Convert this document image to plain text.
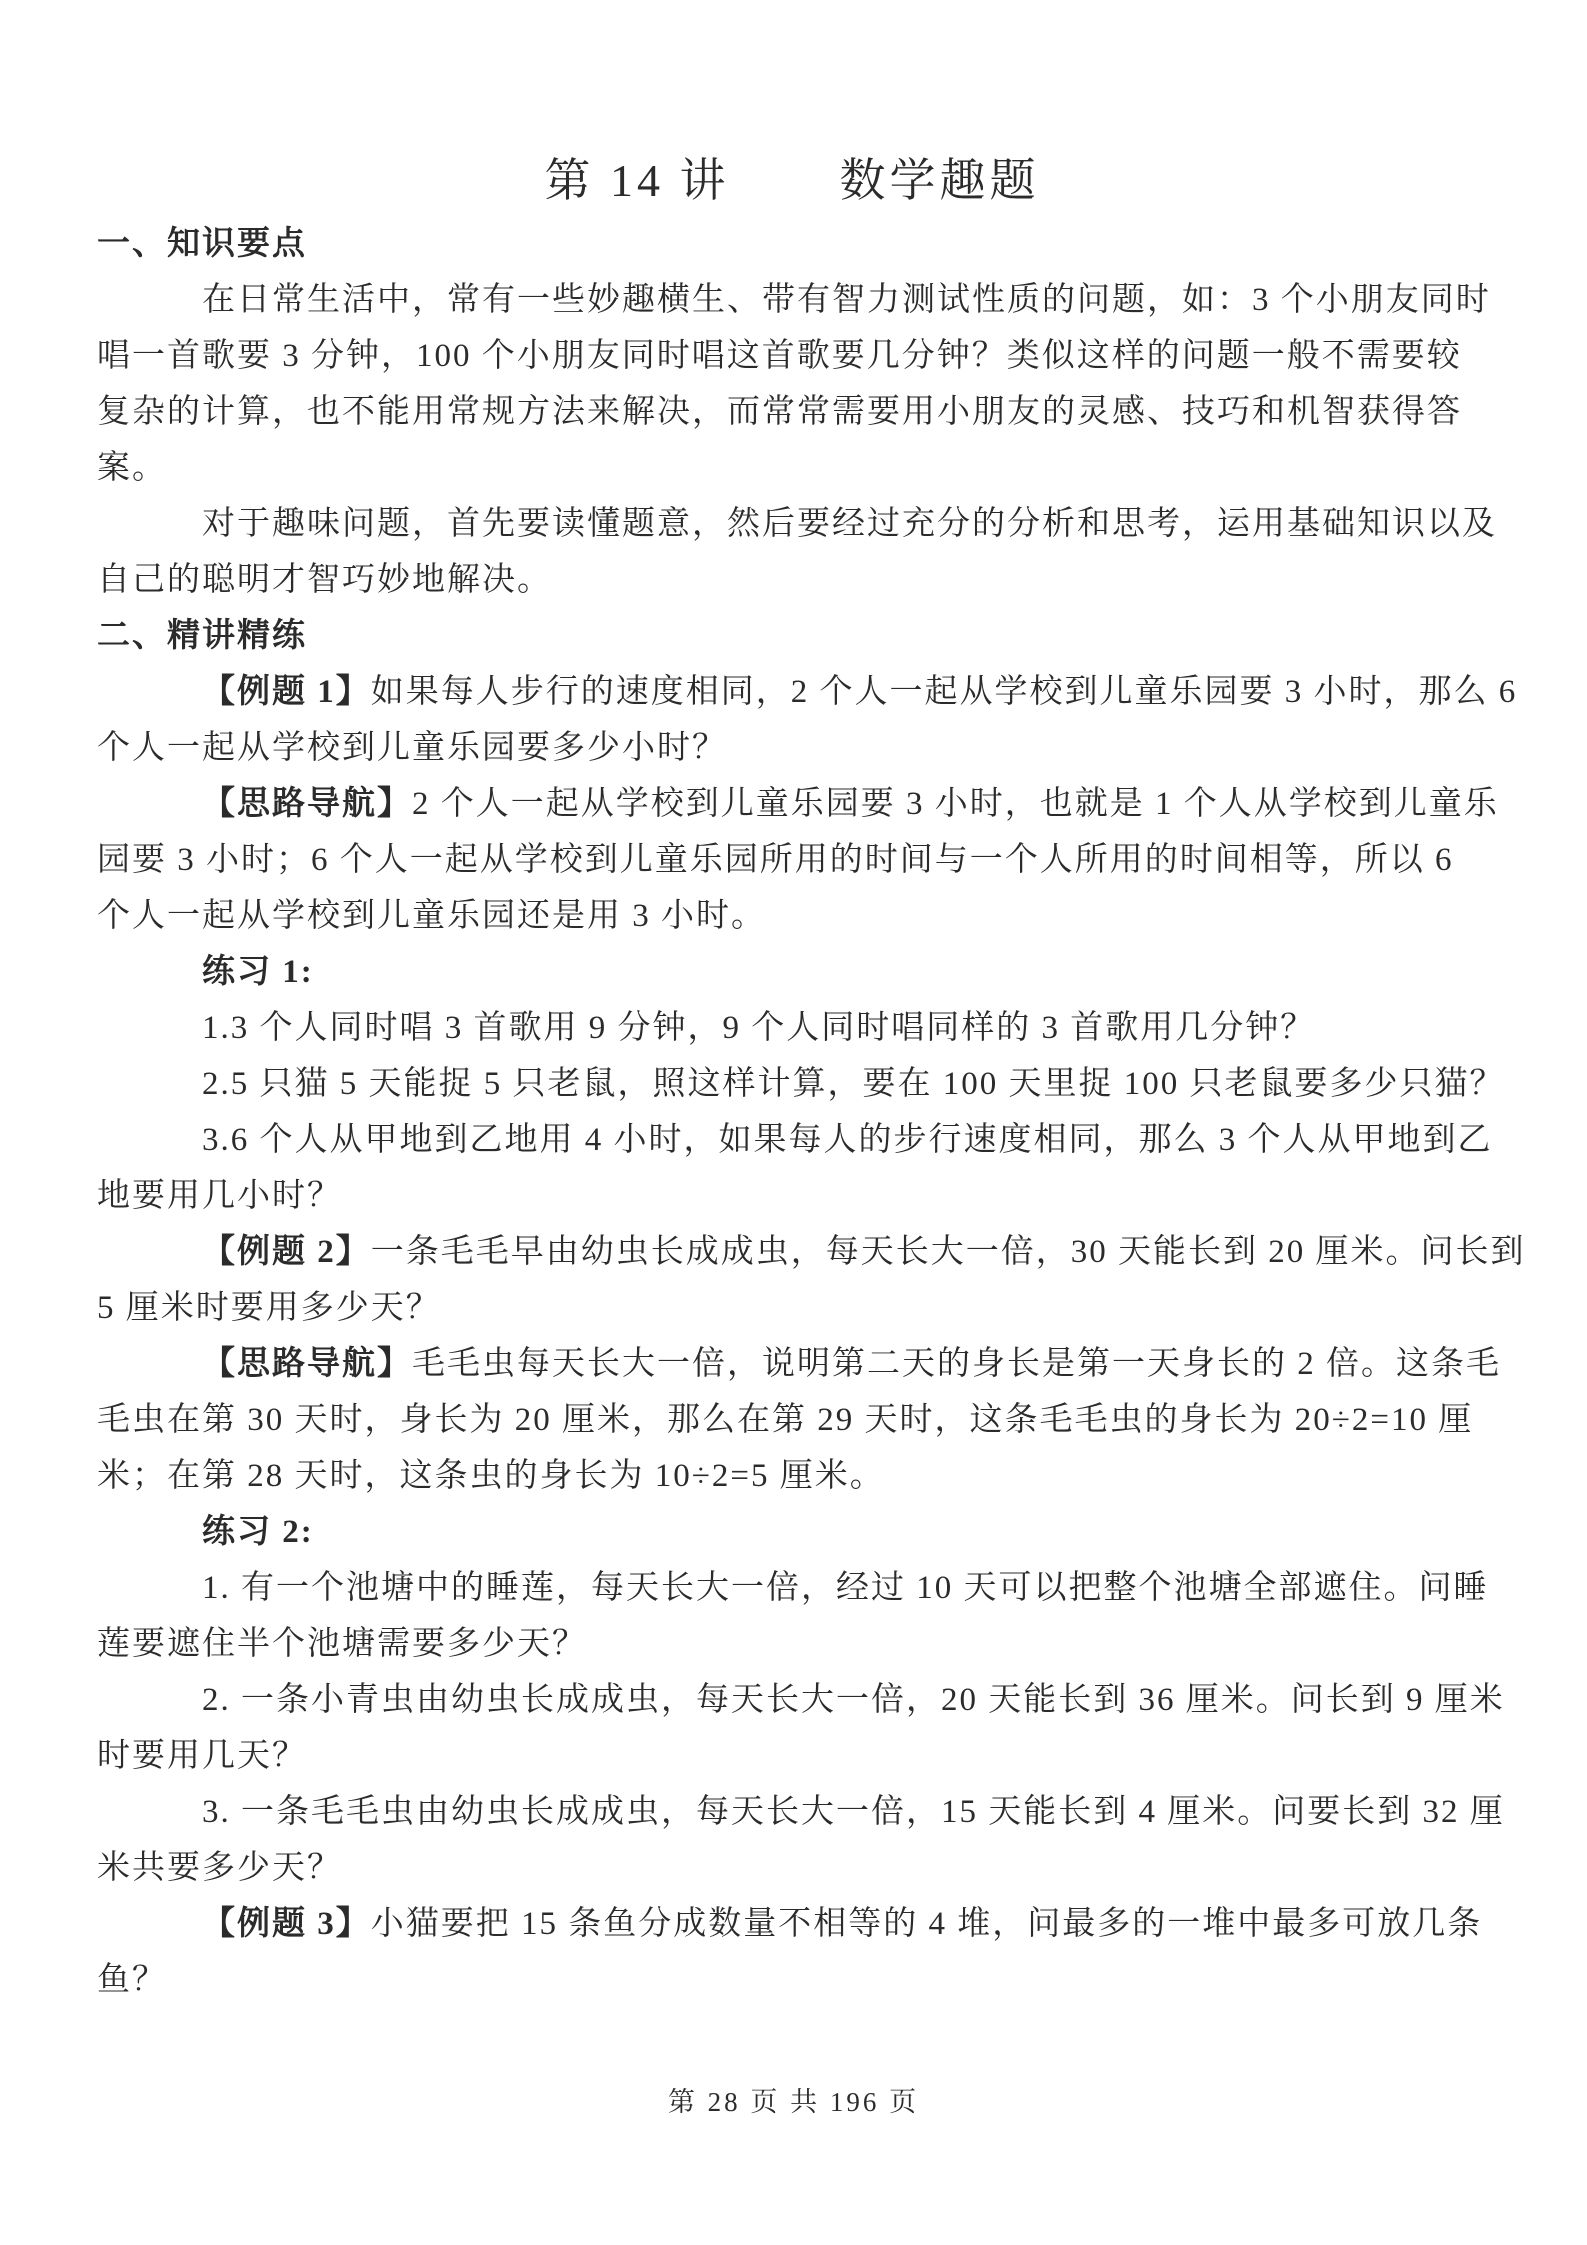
第 14 讲 数学趣题
一、知识要点
在日常生活中，常有一些妙趣横生、带有智力测试性质的问题，如：3 个小朋友同时
唱一首歌要 3 分钟，100 个小朋友同时唱这首歌要几分钟？类似这样的问题一般不需要较
复杂的计算，也不能用常规方法来解决，而常常需要用小朋友的灵感、技巧和机智获得答
案。
对于趣味问题，首先要读懂题意，然后要经过充分的分析和思考，运用基础知识以及
自己的聪明才智巧妙地解决。
二、精讲精练
【例题 1】如果每人步行的速度相同，2 个人一起从学校到儿童乐园要 3 小时，那么 6
个人一起从学校到儿童乐园要多少小时？
【思路导航】2 个人一起从学校到儿童乐园要 3 小时，也就是 1 个人从学校到儿童乐
园要 3 小时；6 个人一起从学校到儿童乐园所用的时间与一个人所用的时间相等，所以 6
个人一起从学校到儿童乐园还是用 3 小时。
练习 1:
1.3 个人同时唱 3 首歌用 9 分钟，9 个人同时唱同样的 3 首歌用几分钟？
2.5 只猫 5 天能捉 5 只老鼠，照这样计算，要在 100 天里捉 100 只老鼠要多少只猫？
3.6 个人从甲地到乙地用 4 小时，如果每人的步行速度相同，那么 3 个人从甲地到乙
地要用几小时？
【例题 2】一条毛毛早由幼虫长成成虫，每天长大一倍，30 天能长到 20 厘米。问长到
5 厘米时要用多少天？
【思路导航】毛毛虫每天长大一倍，说明第二天的身长是第一天身长的 2 倍。这条毛
毛虫在第 30 天时，身长为 20 厘米，那么在第 29 天时，这条毛毛虫的身长为 20÷2=10 厘
米；在第 28 天时，这条虫的身长为 10÷2=5 厘米。
练习 2:
1. 有一个池塘中的睡莲，每天长大一倍，经过 10 天可以把整个池塘全部遮住。问睡
莲要遮住半个池塘需要多少天？
2. 一条小青虫由幼虫长成成虫，每天长大一倍，20 天能长到 36 厘米。问长到 9 厘米
时要用几天？
3. 一条毛毛虫由幼虫长成成虫，每天长大一倍，15 天能长到 4 厘米。问要长到 32 厘
米共要多少天？
【例题 3】小猫要把 15 条鱼分成数量不相等的 4 堆，问最多的一堆中最多可放几条
鱼？
第 28 页 共 196 页
